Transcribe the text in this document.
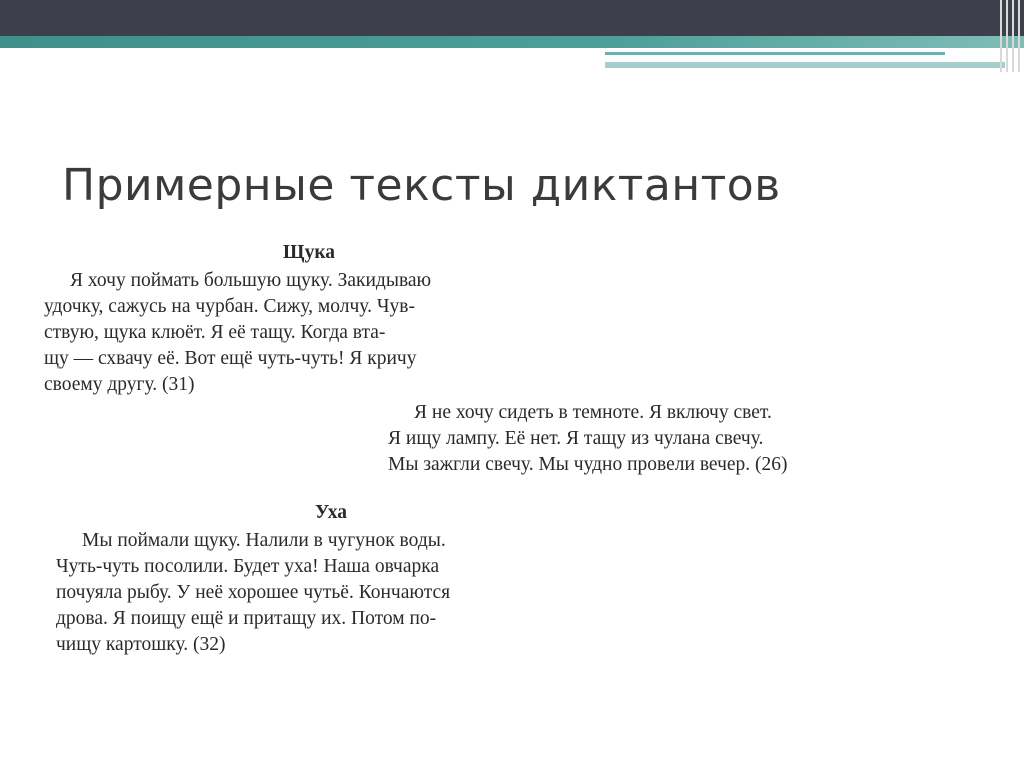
Примерные тексты диктантов
Щука
Я хочу поймать большую щуку. Закидываю
удочку, сажусь на чурбан. Сижу, молчу. Чув-
ствую, щука клюёт. Я её тащу. Когда вта-
щу — схвачу её. Вот ещё чуть-чуть! Я кричу
своему другу. (31)
Я не хочу сидеть в темноте. Я включу свет.
Я ищу лампу. Её нет. Я тащу из чулана свечу.
Мы зажгли свечу. Мы чудно провели вечер. (26)
Уха
Мы поймали щуку. Налили в чугунок воды.
Чуть-чуть посолили. Будет уха! Наша овчарка
почуяла рыбу. У неё хорошее чутьё. Кончаются
дрова. Я поищу ещё и притащу их. Потом по-
чищу картошку. (32)
